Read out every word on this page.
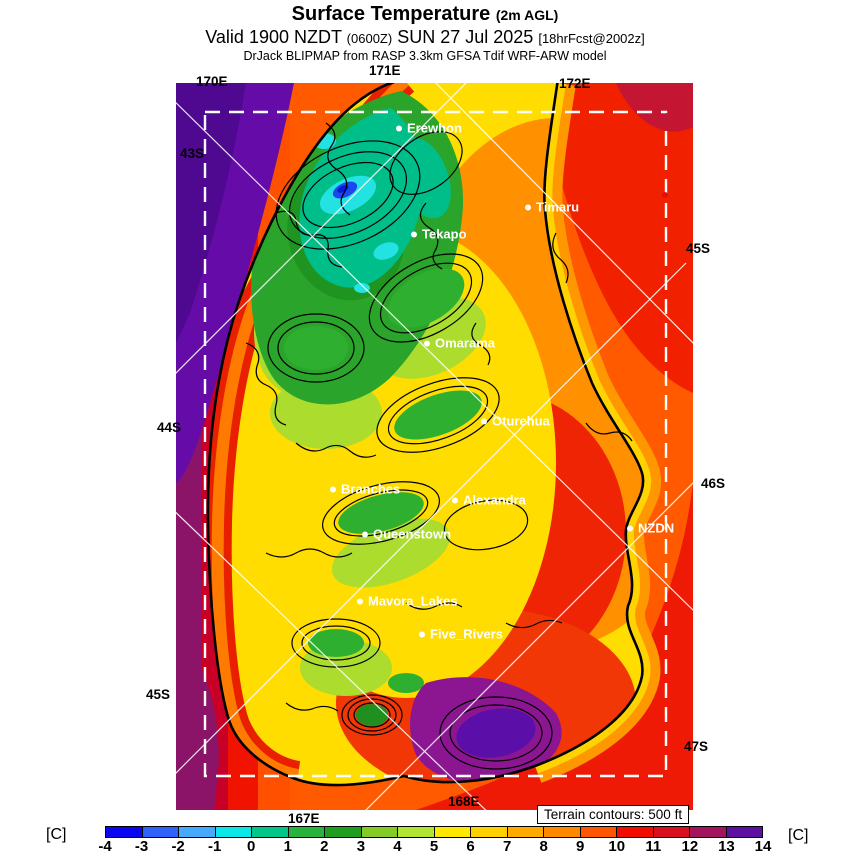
Surface Temperature (2m AGL)
Valid 1900 NZDT (0600Z) SUN 27 Jul 2025 [18hrFcst@2002z]
DrJack BLIPMAP from RASP 3.3km GFSA Tdif WRF-ARW model
Erewhon
Timaru
Tekapo
Omarama
Oturehua
Branches
Alexandra
Queenstown
Mavora_Lakes
Five_Rivers
NZDN
Terrain contours: 500 ft
[C]
-4 -3 -2 -1 0 1 2 3 4 5 6 7 8 9 10 11 12 13 14
[C]
170E
171E
172E
43S
44S
45S
45S
46S
47S
167E
168E
